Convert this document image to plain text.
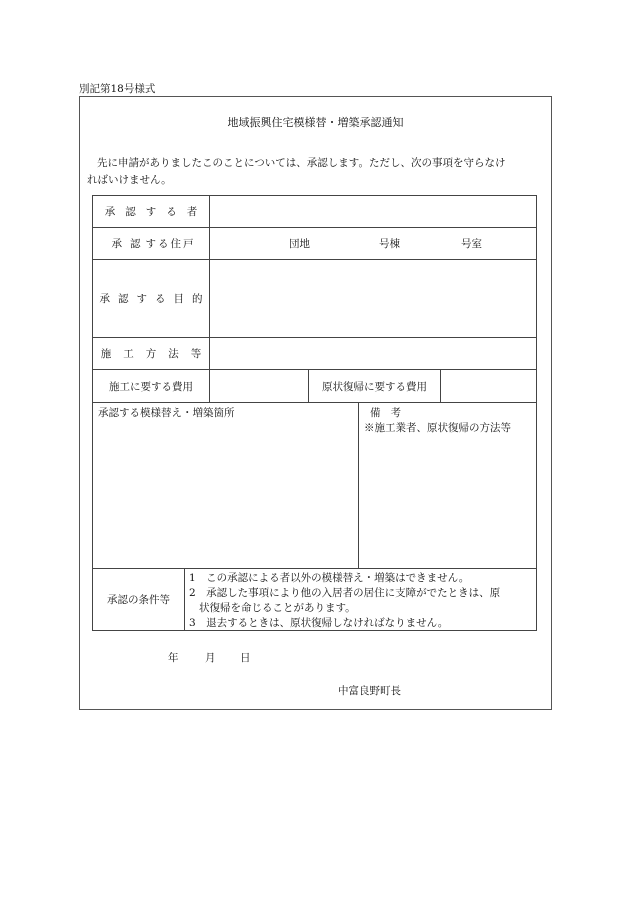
別記第18号様式
地域振興住宅模様替・増築承認通知
先に申請がありましたこのことについては、承認します。ただし、次の事項を守らなけ
ればいけません。
承 認 す る 者
承 認 す る 住 戸	団地	号棟	号室
承 認 す る 目 的
施 工 方 法 等
施工に要する費用	原状復帰に要する費用
承認する模様替え・増築箇所	備 考
※施工業者、原状復帰の方法等
承認の条件等
1　この承認による者以外の模様替え・増築はできません。
2　承認した事項により他の入居者の居住に支障がでたときは、原
状復帰を命じることがあります。
3　退去するときは、原状復帰しなければなりません。
年	月 日
中富良野町長
